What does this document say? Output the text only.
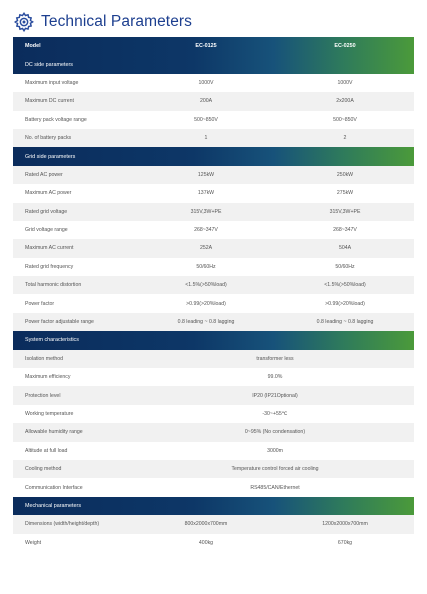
Technical Parameters
Model	EC-0125	EC-0250
DC side parameters
Maximum input voltage	1000V	1000V
Maximum DC current	200A	2x200A
Battery pack voltage range	500~850V	500~850V
No. of battery packs	1	2
Grid side parameters
Rated AC power	125kW	250kW
Maximum AC power	137kW	275kW
Rated grid voltage	315V,3W+PE	315V,3W+PE
Grid voltage range	268~347V	268~347V
Maximum AC current	252A	504A
Rated grid frequency	50/60Hz	50/60Hz
Total harmonic distortion	<1.5%(>50%load)	<1.5%(>50%load)
Power factor	>0.99(>20%load)	>0.99(>20%load)
Power factor adjustable range	0.8 leading ~ 0.8 lagging	0.8 leading ~ 0.8 lagging
System characteristics
Isolation method	transformer less
Maximum efficiency	99.0%
Protection level	IP20 (IP21Optional)
Working temperature	-30~+55℃
Allowable humidity range	0~95% (No condensation)
Altitude at full load	3000m
Cooling method	Temperature control forced air cooling
Communication Interface	RS485/CAN/Ethernet
Mechanical parameters
Dimensions (width/height/depth)	800x2000x700mm	1200x2000x700mm
Weight	400kg	670kg
